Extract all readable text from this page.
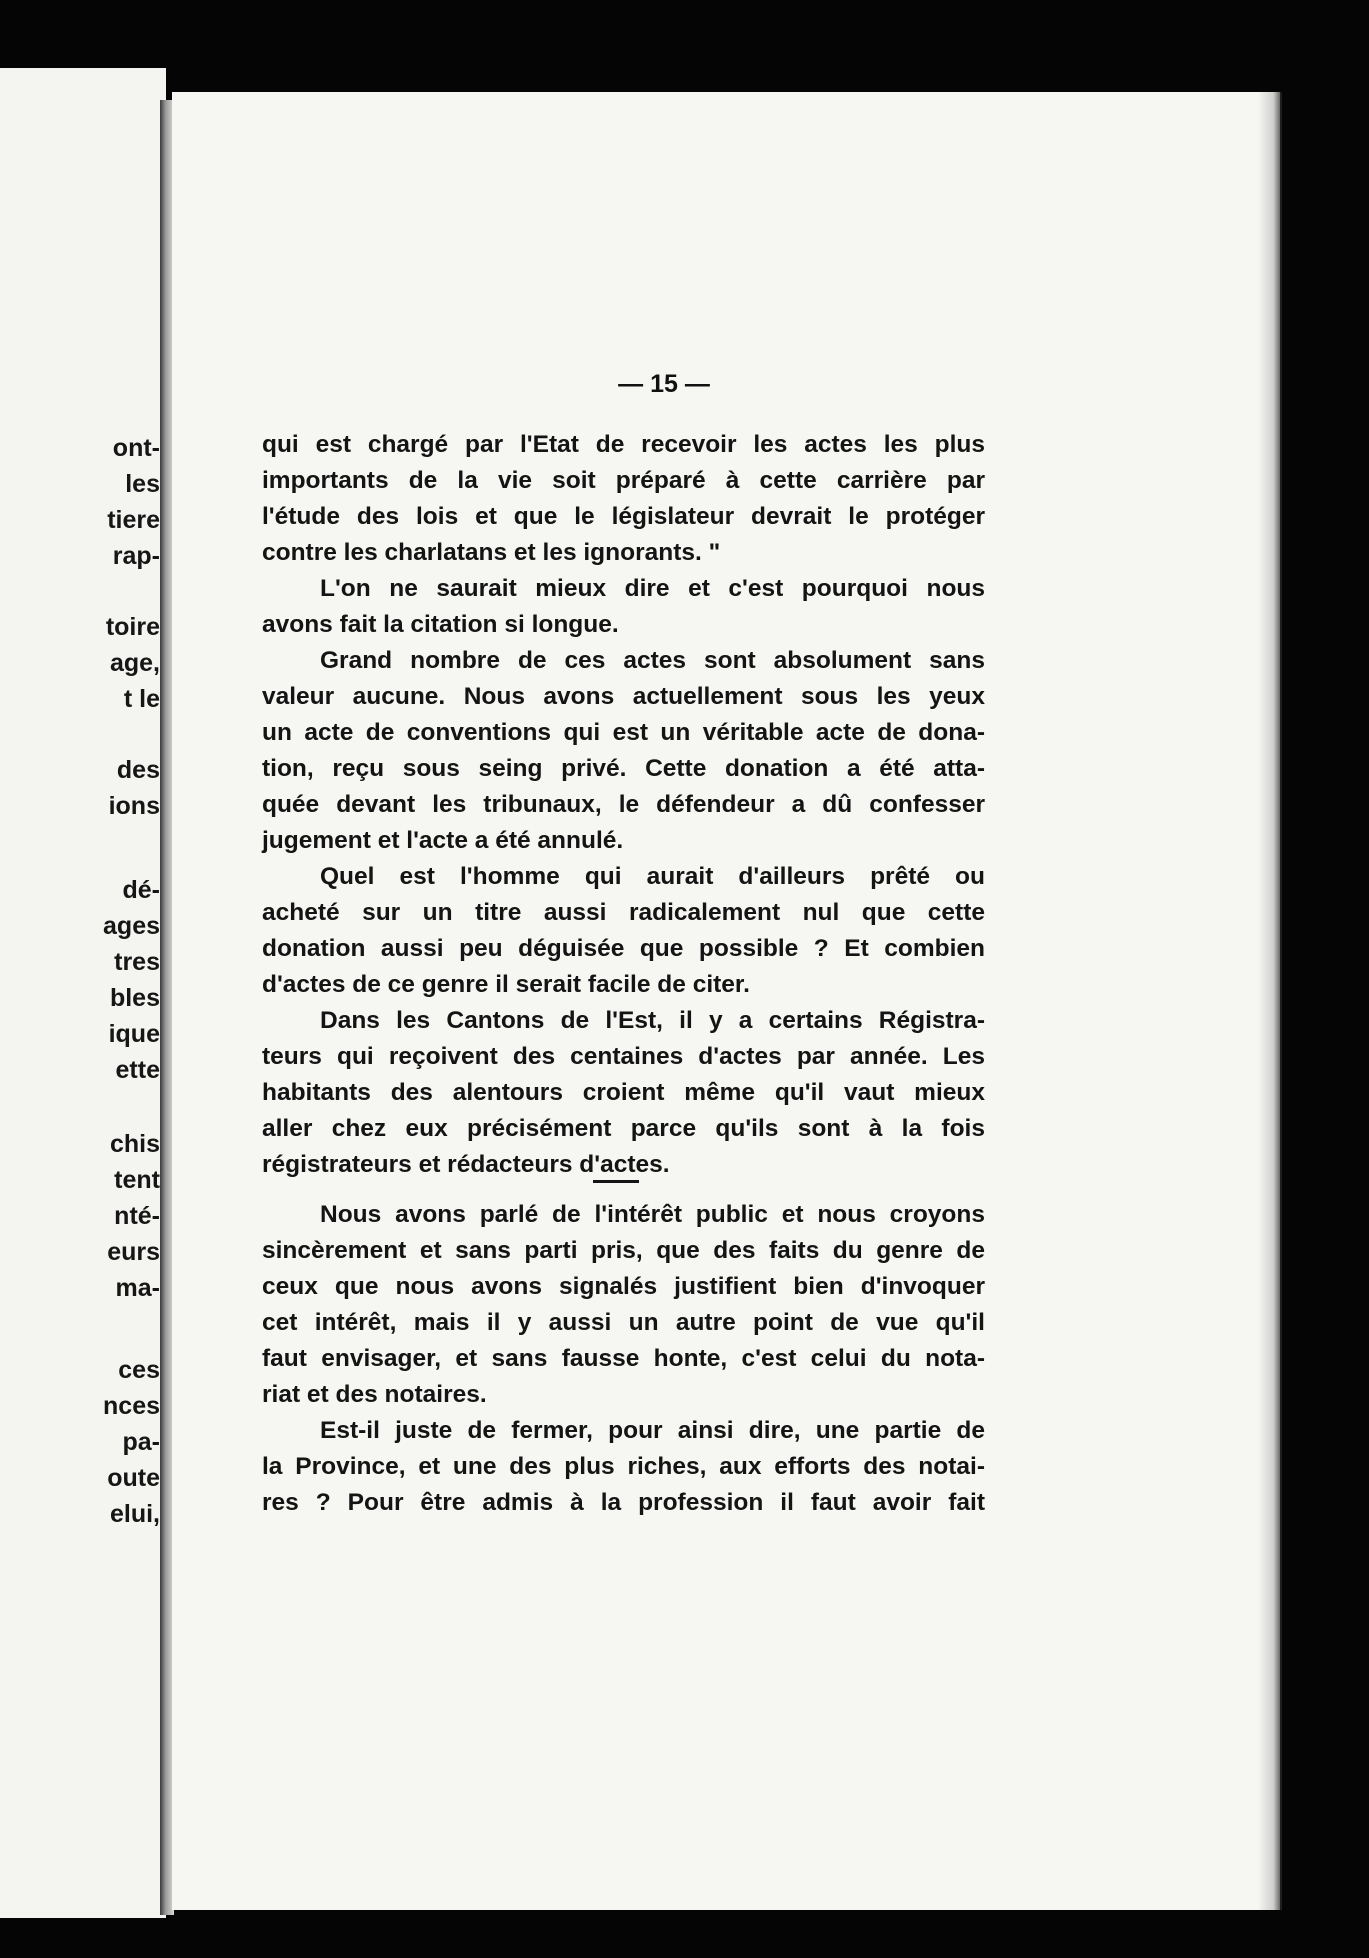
ont-
les
tiere
rap-
toire
age,
t le
des
ions
dé-
ages
tres
bles
ique
ette
chis
tent
nté-
eurs
ma-
ces
nces
pa-
oute
elui,
— 15 —
qui est chargé par l'Etat de recevoir les actes les plus
importants de la vie soit préparé à cette carrière par
l'étude des lois et que le législateur devrait le protéger
contre les charlatans et les ignorants. "
L'on ne saurait mieux dire et c'est pourquoi nous
avons fait la citation si longue.
Grand nombre de ces actes sont absolument sans
valeur aucune. Nous avons actuellement sous les yeux
un acte de conventions qui est un véritable acte de dona-
tion, reçu sous seing privé. Cette donation a été atta-
quée devant les tribunaux, le défendeur a dû confesser
jugement et l'acte a été annulé.
Quel est l'homme qui aurait d'ailleurs prêté ou
acheté sur un titre aussi radicalement nul que cette
donation aussi peu déguisée que possible ? Et combien
d'actes de ce genre il serait facile de citer.
Dans les Cantons de l'Est, il y a certains Régistra-
teurs qui reçoivent des centaines d'actes par année. Les
habitants des alentours croient même qu'il vaut mieux
aller chez eux précisément parce qu'ils sont à la fois
régistrateurs et rédacteurs d'actes.
Nous avons parlé de l'intérêt public et nous croyons
sincèrement et sans parti pris, que des faits du genre de
ceux que nous avons signalés justifient bien d'invoquer
cet intérêt, mais il y aussi un autre point de vue qu'il
faut envisager, et sans fausse honte, c'est celui du nota-
riat et des notaires.
Est-il juste de fermer, pour ainsi dire, une partie de
la Province, et une des plus riches, aux efforts des notai-
res ? Pour être admis à la profession il faut avoir fait
